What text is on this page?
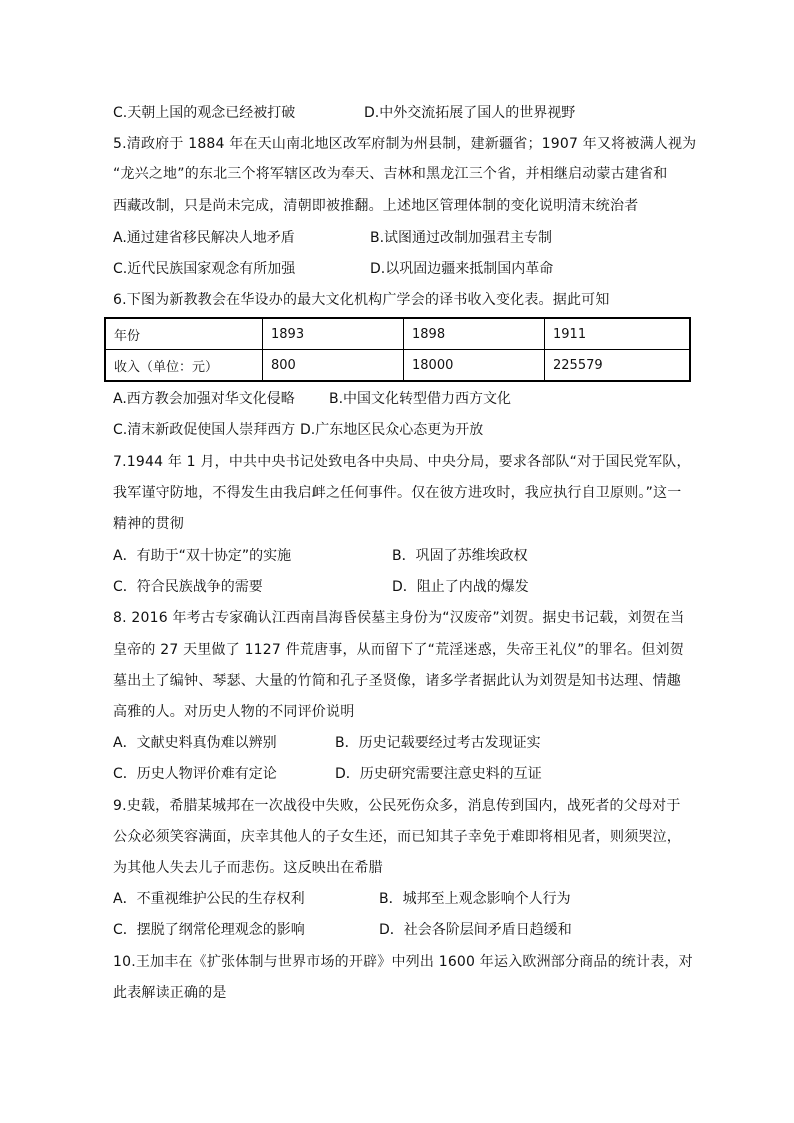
C.天朝上国的观念已经被打破	D.中外交流拓展了国人的世界视野
5.清政府于 1884 年在天山南北地区改军府制为州县制，建新疆省；1907 年又将被满人视为
“龙兴之地”的东北三个将军辖区改为奉天、吉林和黑龙江三个省，并相继启动蒙古建省和
西藏改制，只是尚未完成，清朝即被推翻。上述地区管理体制的变化说明清末统治者
A.通过建省移民解决人地矛盾	B.试图通过改制加强君主专制
C.近代民族国家观念有所加强	D.以巩固边疆来抵制国内革命
6.下图为新教教会在华设办的最大文化机构广学会的译书收入变化表。据此可知
年份	1893	1898	1911
收入（单位：元）	800	18000	225579
A.西方教会加强对华文化侵略 B.中国文化转型借力西方文化
C.清末新政促使国人崇拜西方 D.广东地区民众心态更为开放
7.1944 年 1 月，中共中央书记处致电各中央局、中央分局，要求各部队“对于国民党军队，
我军谨守防地，不得发生由我启衅之任何事件。仅在彼方进攻时，我应执行自卫原则。”这一
精神的贯彻
A．有助于“双十协定”的实施	B．巩固了苏维埃政权
C．符合民族战争的需要	D．阻止了内战的爆发
8. 2016 年考古专家确认江西南昌海昏侯墓主身份为“汉废帝”刘贺。据史书记载，刘贺在当
皇帝的 27 天里做了 1127 件荒唐事，从而留下了“荒淫迷惑，失帝王礼仪”的罪名。但刘贺
墓出土了编钟、琴瑟、大量的竹简和孔子圣贤像，诸多学者据此认为刘贺是知书达理、情趣
高雅的人。对历史人物的不同评价说明
A．文献史料真伪难以辨别	B．历史记载要经过考古发现证实
C．历史人物评价难有定论	D．历史研究需要注意史料的互证
9.史载，希腊某城邦在一次战役中失败，公民死伤众多，消息传到国内，战死者的父母对于
公众必须笑容满面，庆幸其他人的子女生还，而已知其子幸免于难即将相见者，则须哭泣，
为其他人失去儿子而悲伤。这反映出在希腊
A．不重视维护公民的生存权利	B．城邦至上观念影响个人行为
C．摆脱了纲常伦理观念的影响	D．社会各阶层间矛盾日趋缓和
10.王加丰在《扩张体制与世界市场的开辟》中列出 1600 年运入欧洲部分商品的统计表，对
此表解读正确的是
